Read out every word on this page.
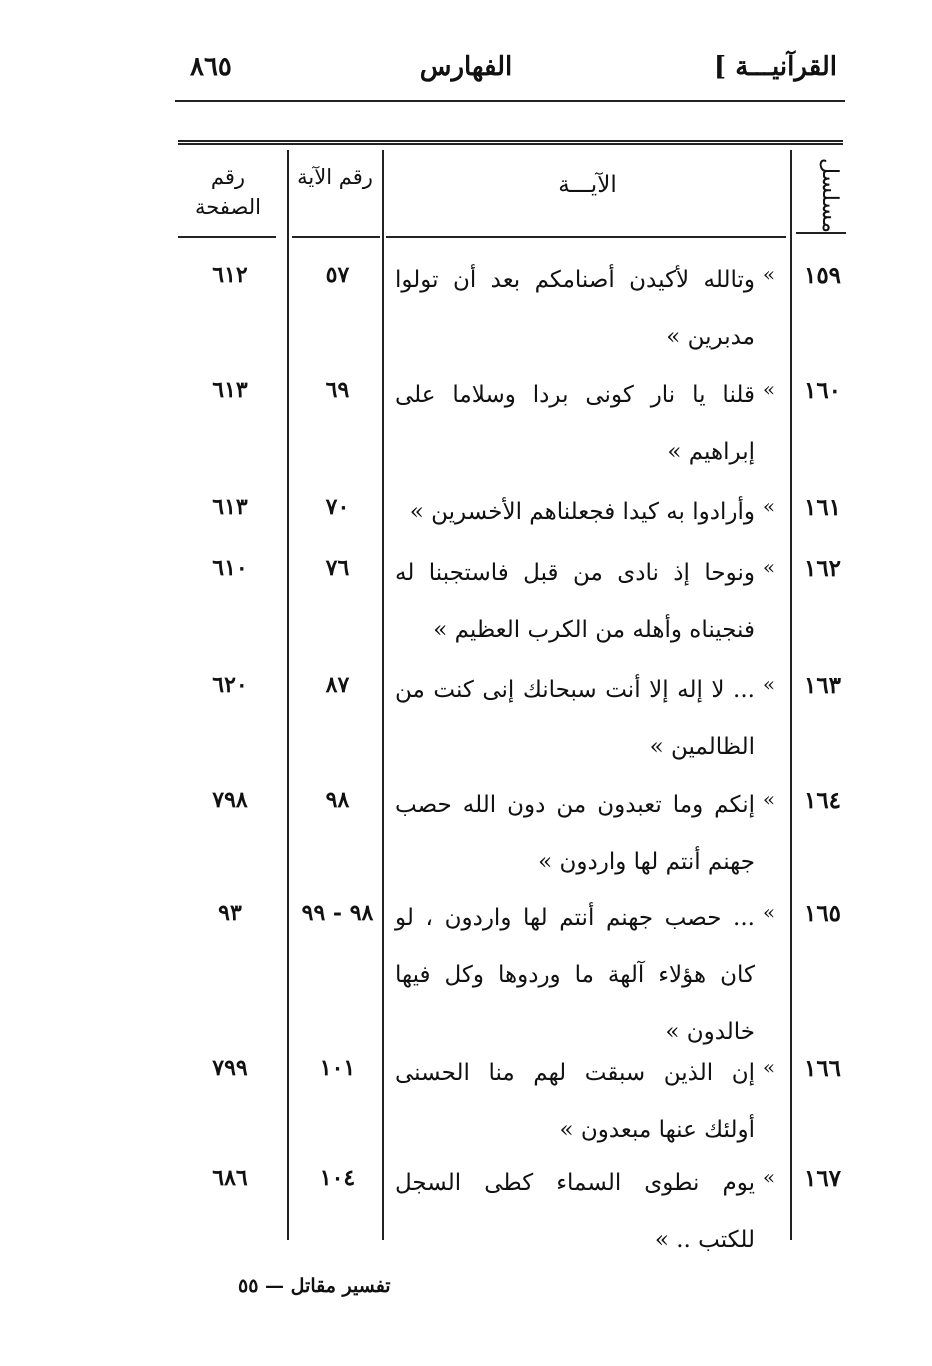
٨٦٥	الفهارس	القرآنيـــة ]
مسلسل
الآيـــة
رقم الآية
رقم الصفحة
١٥٩
«
وتالله لأكيدن أصنامكم بعد أن تولوا مدبرين »
٥٧
٦١٢
١٦٠
«
قلنا يا نار كونى بردا وسلاما على إبراهيم »
٦٩
٦١٣
١٦١
«
وأرادوا به كيدا فجعلناهم الأخسرين »
٧٠
٦١٣
١٦٢
«
ونوحا إذ نادى من قبل فاستجبنا له فنجيناه وأهله من الكرب العظيم »
٧٦
٦١٠
١٦٣
«
... لا إله إلا أنت سبحانك إنى كنت من الظالمين »
٨٧
٦٢٠
١٦٤
«
إنكم وما تعبدون من دون الله حصب جهنم أنتم لها واردون »
٩٨
٧٩٨
١٦٥
«
... حصب جهنم أنتم لها واردون ، لو كان هؤلاء آلهة ما وردوها وكل فيها خالدون »
٩٨ - ٩٩
٩٣
١٦٦
«
إن الذين سبقت لهم منا الحسنى أولئك عنها مبعدون »
١٠١
٧٩٩
١٦٧
«
يوم نطوى السماء كطى السجل للكتب .. »
١٠٤
٦٨٦
تفسير مقاتل — ٥٥
